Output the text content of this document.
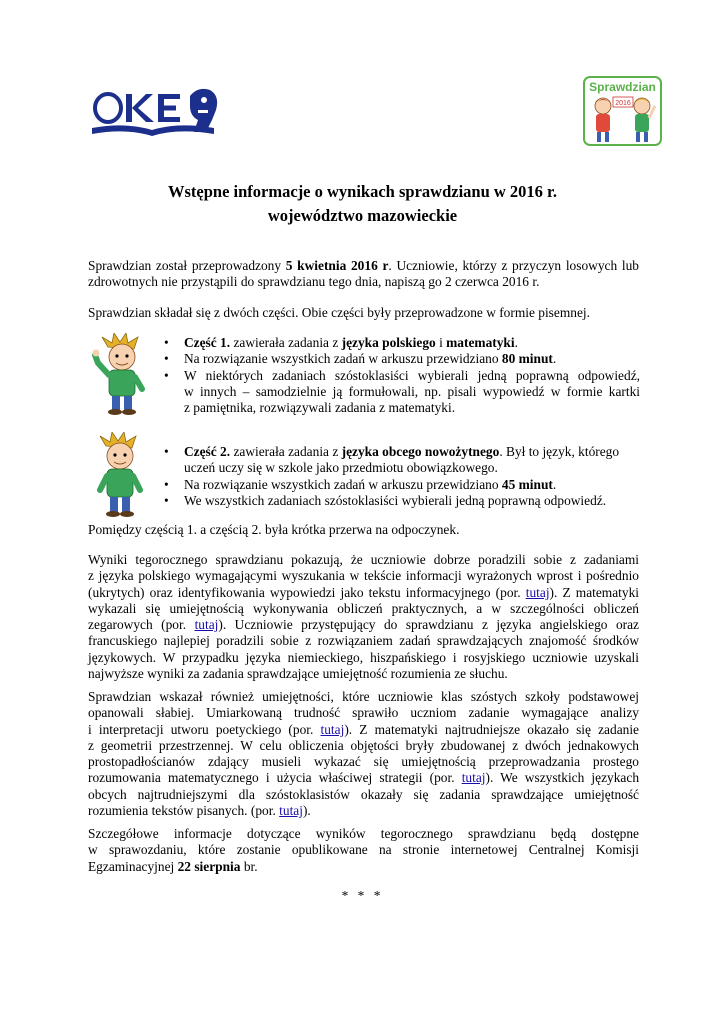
Sprawdzian
2016
Wstępne informacje o wynikach sprawdzianu w 2016 r.
województwo mazowieckie
Sprawdzian został przeprowadzony 5 kwietnia 2016 r. Uczniowie, którzy z przyczyn losowych lub
zdrowotnych nie przystąpili do sprawdzianu tego dnia, napiszą go 2 czerwca 2016 r.
Sprawdzian składał się z dwóch części. Obie części były przeprowadzone w formie pisemnej.
• Część 1. zawierała zadania z języka polskiego i matematyki.
• Na rozwiązanie wszystkich zadań w arkuszu przewidziano 80 minut.
• W niektórych zadaniach szóstoklasiści wybierali jedną poprawną odpowiedź,
w innych – samodzielnie ją formułowali, np. pisali wypowiedź w formie kartki
z pamiętnika, rozwiązywali zadania z matematyki.
• Część 2. zawierała zadania z języka obcego nowożytnego. Był to język, którego
uczeń uczy się w szkole jako przedmiotu obowiązkowego.
• Na rozwiązanie wszystkich zadań w arkuszu przewidziano 45 minut.
• We wszystkich zadaniach szóstoklasiści wybierali jedną poprawną odpowiedź.
Pomiędzy częścią 1. a częścią 2. była krótka przerwa na odpoczynek.
Wyniki tegorocznego sprawdzianu pokazują, że uczniowie dobrze poradzili sobie z zadaniami
z języka polskiego wymagającymi wyszukania w tekście informacji wyrażonych wprost i pośrednio
(ukrytych) oraz identyfikowania wypowiedzi jako tekstu informacyjnego (por. tutaj). Z matematyki
wykazali się umiejętnością wykonywania obliczeń praktycznych, a w szczególności obliczeń
zegarowych (por. tutaj). Uczniowie przystępujący do sprawdzianu z języka angielskiego oraz
francuskiego najlepiej poradzili sobie z rozwiązaniem zadań sprawdzających znajomość środków
językowych. W przypadku języka niemieckiego, hiszpańskiego i rosyjskiego uczniowie uzyskali
najwyższe wyniki za zadania sprawdzające umiejętność rozumienia ze słuchu.
Sprawdzian wskazał również umiejętności, które uczniowie klas szóstych szkoły podstawowej
opanowali słabiej. Umiarkowaną trudność sprawiło uczniom zadanie wymagające analizy
i interpretacji utworu poetyckiego (por. tutaj). Z matematyki najtrudniejsze okazało się zadanie
z geometrii przestrzennej. W celu obliczenia objętości bryły zbudowanej z dwóch jednakowych
prostopadłościanów zdający musieli wykazać się umiejętnością przeprowadzania prostego
rozumowania matematycznego i użycia właściwej strategii (por. tutaj). We wszystkich językach
obcych najtrudniejszymi dla szóstoklasistów okazały się zadania sprawdzające umiejętność
rozumienia tekstów pisanych. (por. tutaj).
Szczegółowe informacje dotyczące wyników tegorocznego sprawdzianu będą dostępne
w sprawozdaniu, które zostanie opublikowane na stronie internetowej Centralnej Komisji
Egzaminacyjnej 22 sierpnia br.
* * *
